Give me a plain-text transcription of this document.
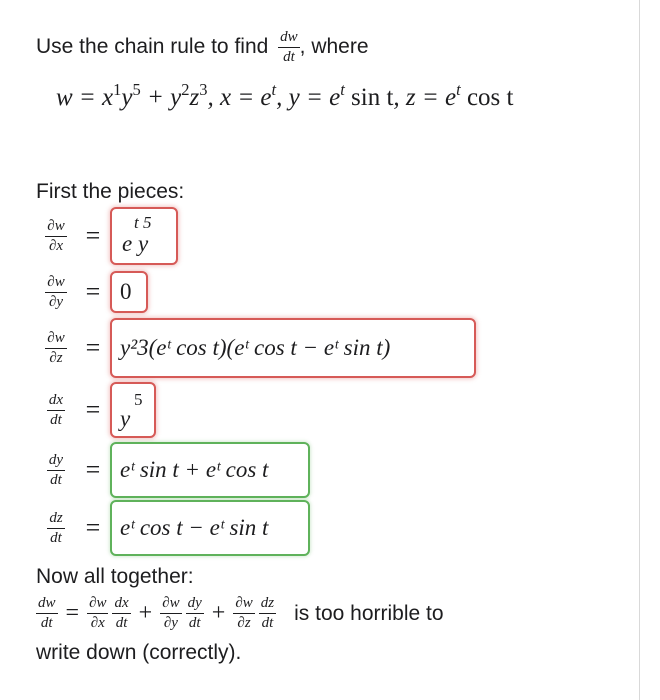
Use the chain rule to find $\frac{dw}{dt}$ , where
$w = x^1y^5 + y^2z^3$, $x = e^t$, $y = e^t$ sin t, $z = e^t$ cos t
First the pieces:
$\frac{\partial w}{\partial x}$ =	t 5
e y
$\frac{\partial w}{\partial y} = 0$
$\frac{\partial w}{\partial z}$ = y²3(eᵗ cos t)(eᵗ cos t − eᵗ sin t)
$\frac{dx}{dt}$ =	5
y
$\frac{dy}{dt}$ = eᵗ sin t + eᵗ cos t
$\frac{dz}{dt}$ = eᵗ cos t − eᵗ sin t
Now all together:
$\frac{dw}{dt} = \frac{\partial w}{\partial x} \frac{dx}{dt} + \frac{\partial w}{\partial y} \frac{dy}{dt} + \frac{\partial w}{\partial z} \frac{dz}{dt}$ is too horrible to
write down (correctly).
